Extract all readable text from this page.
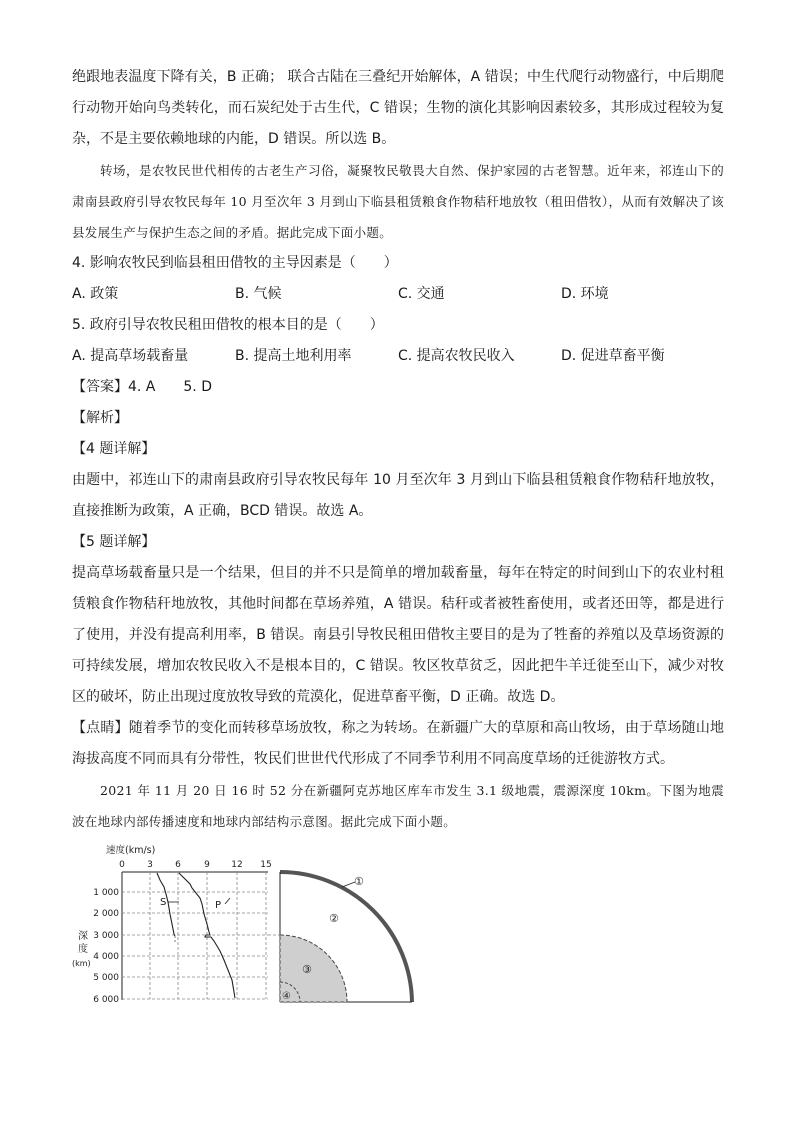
绝跟地表温度下降有关，B 正确； 联合古陆在三叠纪开始解体，A 错误；中生代爬行动物盛行，中后期爬行动物开始向鸟类转化，而石炭纪处于古生代，C 错误；生物的演化其影响因素较多，其形成过程较为复杂，不是主要依赖地球的内能，D 错误。所以选 B。

转场，是农牧民世代相传的古老生产习俗，凝聚牧民敬畏大自然、保护家园的古老智慧。近年来，祁连山下的肃南县政府引导农牧民每年 10 月至次年 3 月到山下临县租赁粮食作物秸秆地放牧（租田借牧），从而有效解决了该县发展生产与保护生态之间的矛盾。据此完成下面小题。

4. 影响农牧民到临县租田借牧的主导因素是（　　）

A. 政策	B. 气候	C. 交通	D. 环境

5. 政府引导农牧民租田借牧的根本目的是（　　）

A. 提高草场载畜量	B. 提高土地利用率	C. 提高农牧民收入	D. 促进草畜平衡

【答案】4. A　　5. D

【解析】

【4 题详解】

由题中，祁连山下的肃南县政府引导农牧民每年 10 月至次年 3 月到山下临县租赁粮食作物秸秆地放牧，直接推断为政策，A 正确，BCD 错误。故选 A。

【5 题详解】

提高草场载畜量只是一个结果，但目的并不只是简单的增加载畜量，每年在特定的时间到山下的农业村租赁粮食作物秸秆地放牧，其他时间都在草场养殖，A 错误。秸秆或者被牲畜使用，或者还田等，都是进行了使用，并没有提高利用率，B 错误。南县引导牧民租田借牧主要目的是为了牲畜的养殖以及草场资源的可持续发展，增加农牧民收入不是根本目的，C 错误。牧区牧草贫乏，因此把牛羊迁徙至山下，减少对牧区的破坏，防止出现过度放牧导致的荒漠化，促进草畜平衡，D 正确。故选 D。

【点睛】随着季节的变化而转移草场放牧，称之为转场。在新疆广大的草原和高山牧场，由于草场随山地海拔高度不同而具有分带性，牧民们世世代代形成了不同季节利用不同高度草场的迁徙游牧方式。

2021 年 11 月 20 日 16 时 52 分在新疆阿克苏地区库车市发生 3.1 级地震，震源深度 10km。下图为地震波在地球内部传播速度和地球内部结构示意图。据此完成下面小题。

速度(km/s)
0 3 6	9 12 15
1 000
2 000
3 000
4 000
5 000
6 000
深
度
(km)
S	P
①
②
③
④
